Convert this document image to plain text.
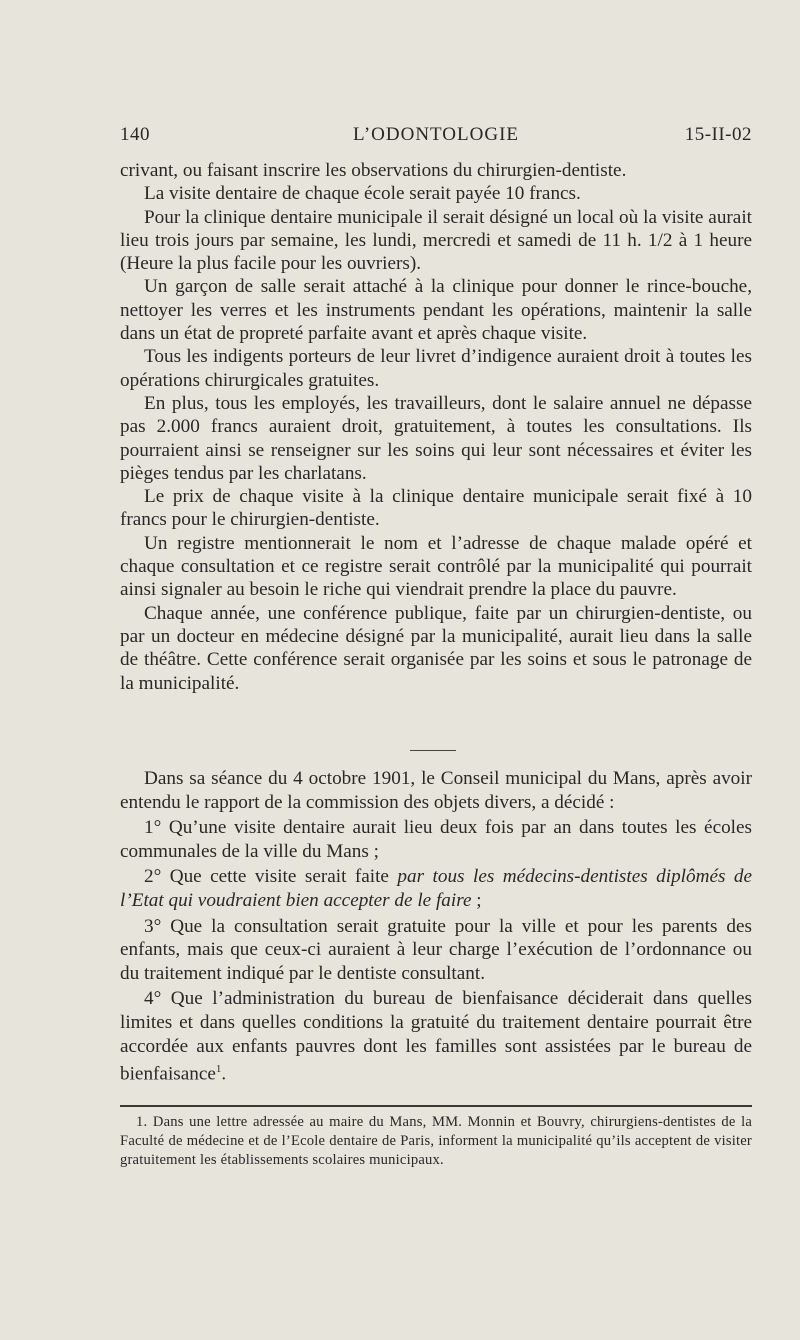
140	L’ODONTOLOGIE	15-II-02

crivant, ou faisant inscrire les observations du chirurgien-dentiste.

La visite dentaire de chaque école serait payée 10 francs.

Pour la clinique dentaire municipale il serait désigné un local où la visite aurait lieu trois jours par semaine, les lundi, mercredi et samedi de 11 h. 1/2 à 1 heure (Heure la plus facile pour les ouvriers).

Un garçon de salle serait attaché à la clinique pour donner le rince-bouche, nettoyer les verres et les instruments pendant les opérations, maintenir la salle dans un état de propreté parfaite avant et après chaque visite.

Tous les indigents porteurs de leur livret d’indigence auraient droit à toutes les opérations chirurgicales gratuites.

En plus, tous les employés, les travailleurs, dont le salaire annuel ne dépasse pas 2.000 francs auraient droit, gratuitement, à toutes les consultations. Ils pourraient ainsi se renseigner sur les soins qui leur sont nécessaires et éviter les pièges tendus par les charlatans.

Le prix de chaque visite à la clinique dentaire municipale serait fixé à 10 francs pour le chirurgien-dentiste.

Un registre mentionnerait le nom et l’adresse de chaque malade opéré et chaque consultation et ce registre serait contrôlé par la municipalité qui pourrait ainsi signaler au besoin le riche qui viendrait prendre la place du pauvre.

Chaque année, une conférence publique, faite par un chirurgien-dentiste, ou par un docteur en médecine désigné par la municipalité, aurait lieu dans la salle de théâtre. Cette conférence serait organisée par les soins et sous le patronage de la municipalité.

Dans sa séance du 4 octobre 1901, le Conseil municipal du Mans, après avoir entendu le rapport de la commission des objets divers, a décidé :

1° Qu’une visite dentaire aurait lieu deux fois par an dans toutes les écoles communales de la ville du Mans ;

2° Que cette visite serait faite par tous les médecins-dentistes diplômés de l’Etat qui voudraient bien accepter de le faire ;

3° Que la consultation serait gratuite pour la ville et pour les parents des enfants, mais que ceux-ci auraient à leur charge l’exécution de l’ordonnance ou du traitement indiqué par le dentiste consultant.

4° Que l’administration du bureau de bienfaisance déciderait dans quelles limites et dans quelles conditions la gratuité du traitement dentaire pourrait être accordée aux enfants pauvres dont les familles sont assistées par le bureau de bienfaisance$^1$.

1. Dans une lettre adressée au maire du Mans, MM. Monnin et Bouvry, chirurgiens-dentistes de la Faculté de médecine et de l’Ecole dentaire de Paris, informent la municipalité qu’ils acceptent de visiter gratuitement les établissements scolaires municipaux.
